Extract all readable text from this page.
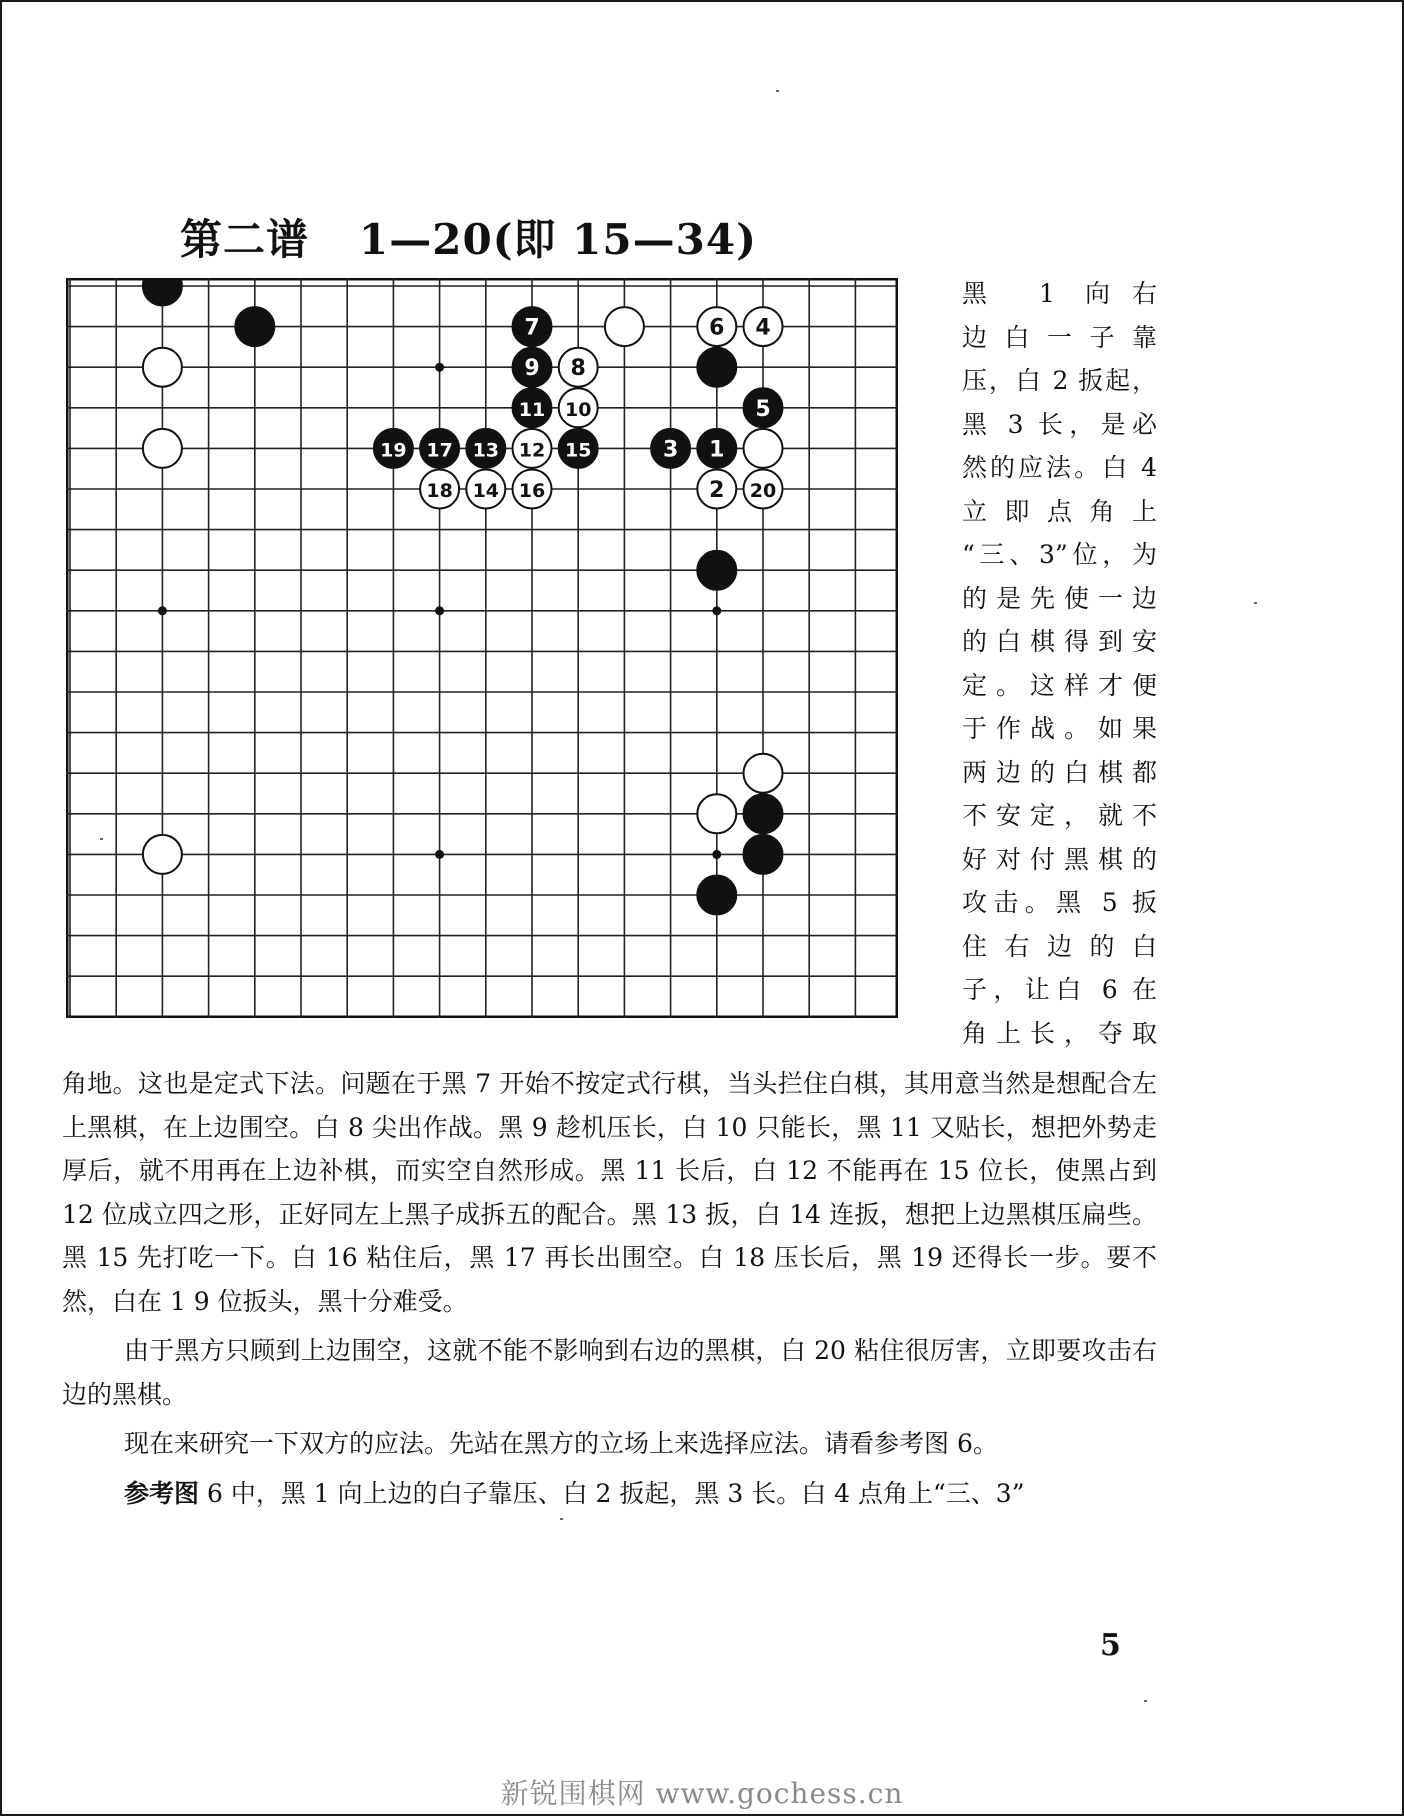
第二谱 1—20(即 15—34)
7	6 4
9 8
11 10	5
19 17 13 12 15	3 1
18 14 16	2 20
黑 1 向右
边白一子靠
压，白 2 扳起，
黑 3 长，是必
然的应法。白 4
立即点角上
“三、3”位，为
的是先使一边
的白棋得到安
定。这样才便
于作战。如果
两边的白棋都
不安定，就不
好对付黑棋的
攻击。黑 5 扳
住右边的白
子，让白 6 在
角上长，夺取

角地。这也是定式下法。问题在于黑 7 开始不按定式行棋，当头拦住白棋，其用意当然是想配合左上黑棋，在上边围空。白 8 尖出作战。黑 9 趁机压长，白 10 只能长，黑 11 又贴长，想把外势走厚后，就不用再在上边补棋，而实空自然形成。黑 11 长后，白 12 不能再在 15 位长，使黑占到 12 位成立四之形，正好同左上黑子成拆五的配合。黑 13 扳，白 14 连扳，想把上边黑棋压扁些。黑 15 先打吃一下。白 16 粘住后，黑 17 再长出围空。白 18 压长后，黑 19 还得长一步。要不然，白在 1 9 位扳头，黑十分难受。

由于黑方只顾到上边围空，这就不能不影响到右边的黑棋，白 20 粘住很厉害，立即要攻击右边的黑棋。

现在来研究一下双方的应法。先站在黑方的立场上来选择应法。请看参考图 6。

参考图 6 中，黑 1 向上边的白子靠压、白 2 扳起，黑 3 长。白 4 点角上“三、3”

5
新锐围棋网 www.gochess.cn
